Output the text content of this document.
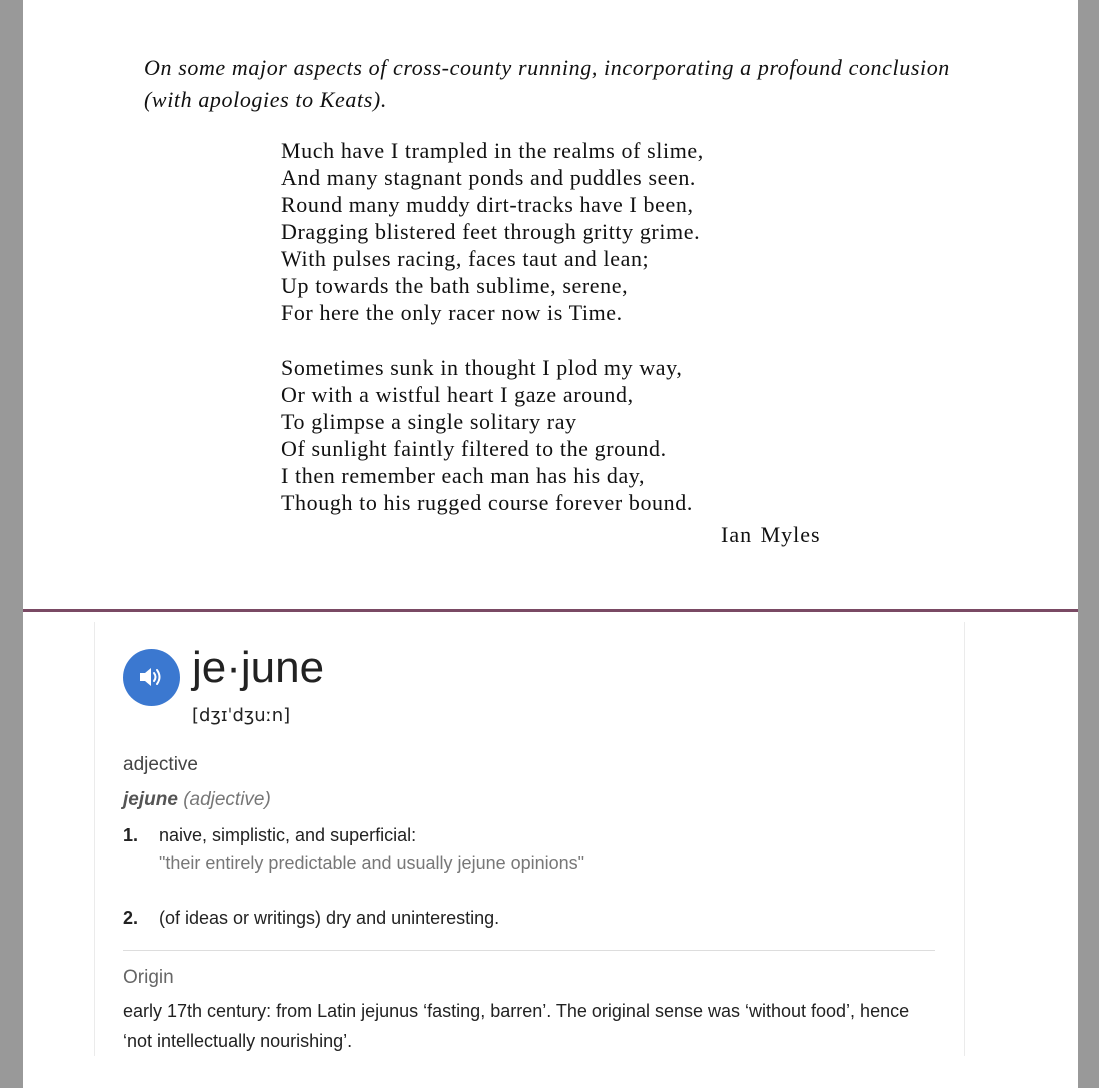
On some major aspects of cross-county running, incorporating a profound conclusion (with apologies to Keats).

Much have I trampled in the realms of slime,
And many stagnant ponds and puddles seen.
Round many muddy dirt-tracks have I been,
Dragging blistered feet through gritty grime.
With pulses racing, faces taut and lean;
Up towards the bath sublime, serene,
For here the only racer now is Time.
Sometimes sunk in thought I plod my way,
Or with a wistful heart I gaze around,
To glimpse a single solitary ray
Of sunlight faintly filtered to the ground.
I then remember each man has his day,
Though to his rugged course forever bound.
Ian Myles
je·june
[dʒɪˈdʒuːn]
adjective
jejune (adjective)
1. naive, simplistic, and superficial:
"their entirely predictable and usually jejune opinions"
2. (of ideas or writings) dry and uninteresting.
Origin

early 17th century: from Latin jejunus ‘fasting, barren’. The original sense was ‘without food’, hence ‘not intellectually nourishing’.
